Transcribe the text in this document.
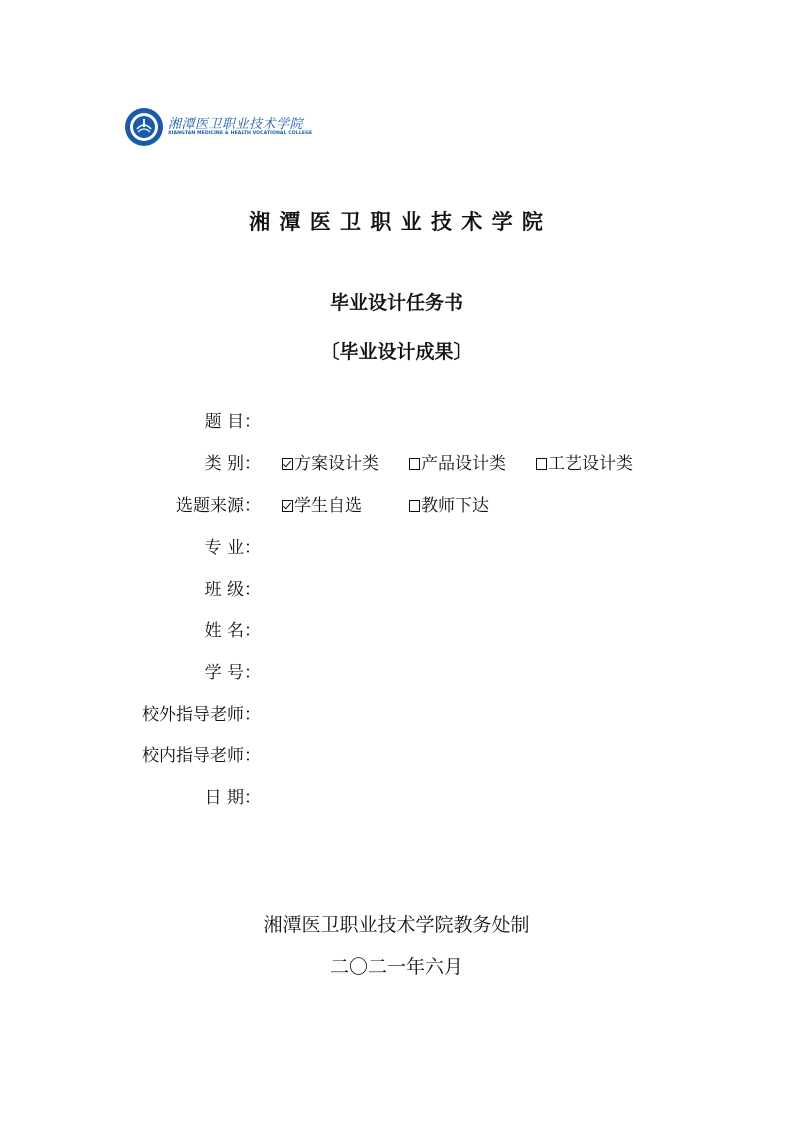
湘潭医卫职业技术学院
XIANGTAN MEDICINE & HEALTH VOCATIONAL COLLEGE
湘 潭 医 卫 职 业 技 术 学 院
毕业设计任务书
〔毕业设计成果〕
题 目：
类 别：	方案设计类	产品设计类	工艺设计类
选题来源：	学生自选	教师下达
专 业：
班 级：
姓 名：
学 号：
校外指导老师：
校内指导老师：
日 期：
湘潭医卫职业技术学院教务处制
二〇二一年六月
